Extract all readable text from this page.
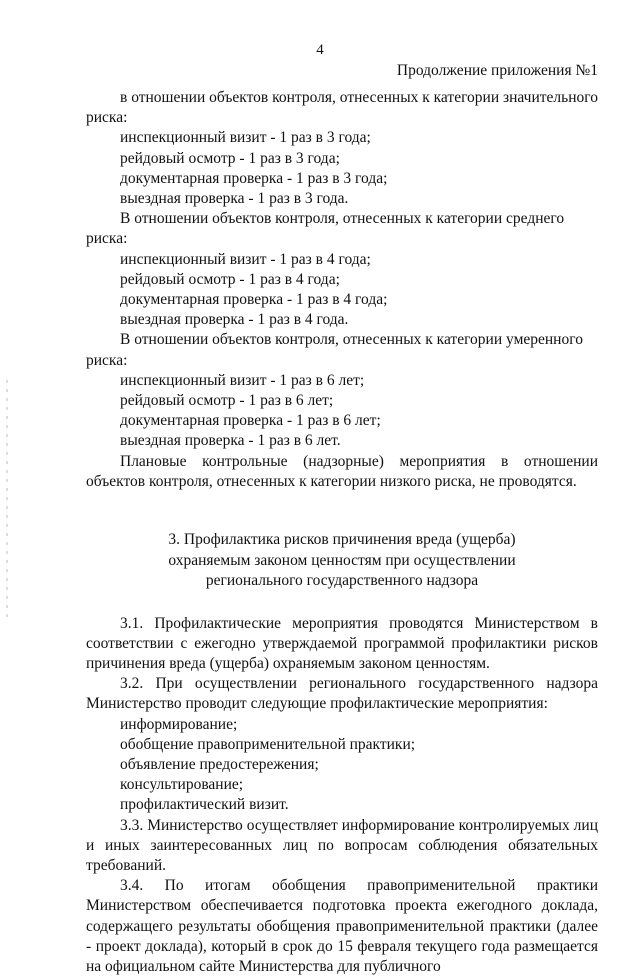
4
Продолжение приложения №1

в отношении объектов контроля, отнесенных к категории значительного

риска:

инспекционный визит - 1 раз в 3 года;

рейдовый осмотр - 1 раз в 3 года;

документарная проверка - 1 раз в 3 года;

выездная проверка - 1 раз в 3 года.

В отношении объектов контроля, отнесенных к категории среднего

риска:

инспекционный визит - 1 раз в 4 года;

рейдовый осмотр - 1 раз в 4 года;

документарная проверка - 1 раз в 4 года;

выездная проверка - 1 раз в 4 года.

В отношении объектов контроля, отнесенных к категории умеренного

риска:

инспекционный визит - 1 раз в 6 лет;

рейдовый осмотр - 1 раз в 6 лет;

документарная проверка - 1 раз в 6 лет;

выездная проверка - 1 раз в 6 лет.

Плановые контрольные (надзорные) мероприятия в отношении объектов контроля, отнесенных к категории низкого риска, не проводятся.

3. Профилактика рисков причинения вреда (ущерба)
охраняемым законом ценностям при осуществлении
регионального государственного надзора

3.1. Профилактические мероприятия проводятся Министерством в соответствии с ежегодно утверждаемой программой профилактики рисков причинения вреда (ущерба) охраняемым законом ценностям.

3.2. При осуществлении регионального государственного надзора Министерство проводит следующие профилактические мероприятия:

информирование;

обобщение правоприменительной практики;

объявление предостережения;

консультирование;

профилактический визит.

3.3. Министерство осуществляет информирование контролируемых лиц и иных заинтересованных лиц по вопросам соблюдения обязательных требований.

3.4. По итогам обобщения правоприменительной практики Министерством обеспечивается подготовка проекта ежегодного доклада, содержащего результаты обобщения правоприменительной практики (далее - проект доклада), который в срок до 15 февраля текущего года размещается на официальном сайте Министерства для публичного
